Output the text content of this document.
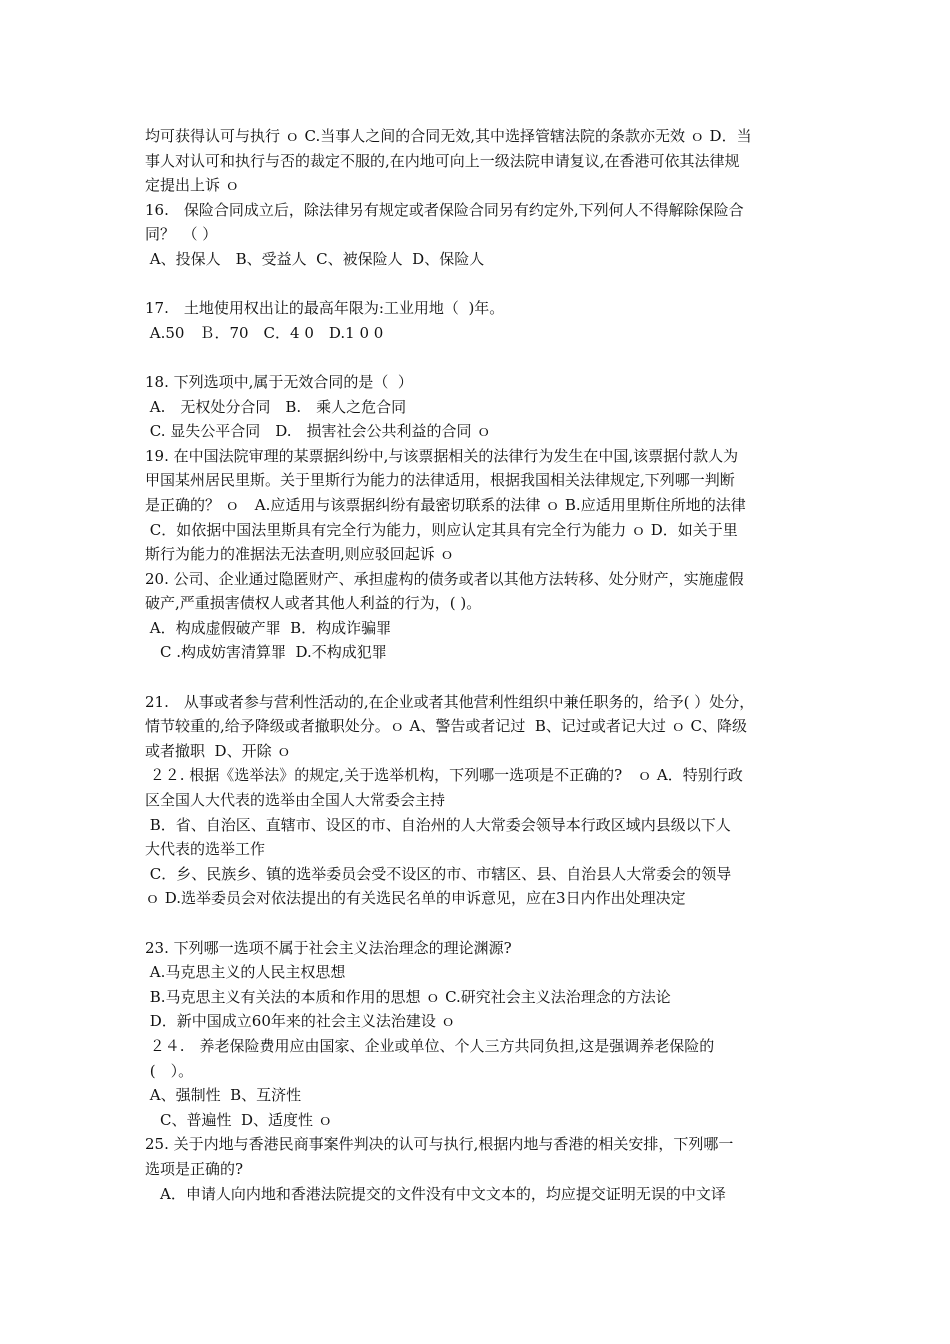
均可获得认可与执行 ｏ C.当事人之间的合同无效,其中选择管辖法院的条款亦无效 ｏ D．当
事人对认可和执行与否的裁定不服的,在内地可向上一级法院申请复议,在香港可依其法律规
定提出上诉 ｏ
16.　保险合同成立后，除法律另有规定或者保险合同另有约定外,下列何人不得解除保险合
同？　（ ）
A、投保人　B、受益人  C、被保险人  D、保险人
17.　土地使用权出让的最高年限为:工业用地（  )年。
A.50　Ｂ．70　C．4 0　D.1 0 0
18. 下列选项中,属于无效合同的是（  ）
A.　无权处分合同　B.　乘人之危合同
C. 显失公平合同　D.　损害社会公共利益的合同 ｏ
19. 在中国法院审理的某票据纠纷中,与该票据相关的法律行为发生在中国,该票据付款人为
甲国某州居民里斯。关于里斯行为能力的法律适用，根据我国相关法律规定,下列哪一判断
是正确的？ ｏ　A.应适用与该票据纠纷有最密切联系的法律 ｏ B.应适用里斯住所地的法律
C．如依据中国法里斯具有完全行为能力，则应认定其具有完全行为能力 ｏ D．如关于里
斯行为能力的准据法无法查明,则应驳回起诉 ｏ
20. 公司、企业通过隐匿财产、承担虚构的债务或者以其他方法转移、处分财产，实施虚假
破产,严重损害债权人或者其他人利益的行为，( )。
A．构成虚假破产罪  B．构成诈骗罪
　C .构成妨害清算罪  D.不构成犯罪
21.　从事或者参与营利性活动的,在企业或者其他营利性组织中兼任职务的，给予( ）处分，
情节较重的,给予降级或者撤职处分。ｏ A、警告或者记过  B、记过或者记大过 ｏ C、降级
或者撤职  D、开除 ｏ
２２. 根据《选举法》的规定,关于选举机构，下列哪一选项是不正确的?　ｏ A．特别行政
区全国人大代表的选举由全国人大常委会主持
B．省、自治区、直辖市、设区的市、自治州的人大常委会领导本行政区域内县级以下人
大代表的选举工作
C．乡、民族乡、镇的选举委员会受不设区的市、市辖区、县、自治县人大常委会的领导
ｏ D.选举委员会对依法提出的有关选民名单的申诉意见，应在3日内作出处理决定
23. 下列哪一选项不属于社会主义法治理念的理论渊源?
A.马克思主义的人民主权思想
B.马克思主义有关法的本质和作用的思想 ｏ C.研究社会主义法治理念的方法论
D．新中国成立60年来的社会主义法治建设 ｏ
２４.　养老保险费用应由国家、企业或单位、个人三方共同负担,这是强调养老保险的
(　）。
A、强制性  B、互济性
　C、普遍性  D、适度性 ｏ
25. 关于内地与香港民商事案件判决的认可与执行,根据内地与香港的相关安排，下列哪一
选项是正确的?
　A．申请人向内地和香港法院提交的文件没有中文文本的，均应提交证明无误的中文译
